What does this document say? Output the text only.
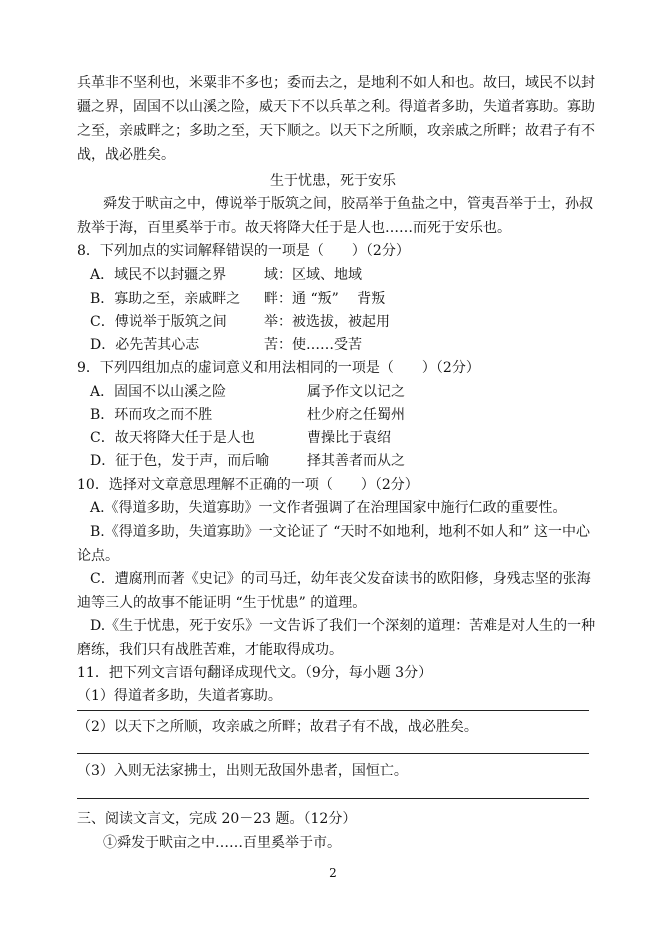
兵革非不坚利也，米粟非不多也；委而去之，是地利不如人和也。故曰，域民不以封
疆之界，固国不以山溪之险，威天下不以兵革之利。得道者多助，失道者寡助。寡助
之至，亲戚畔之；多助之至，天下顺之。以天下之所顺，攻亲戚之所畔；故君子有不
战，战必胜矣。
生于忧患，死于安乐
舜发于畎亩之中，傅说举于版筑之间，胶鬲举于鱼盐之中，管夷吾举于士，孙叔
敖举于海，百里奚举于市。故天将降大任于是人也……而死于安乐也。
8．下列加点的实词解释错误的一项是（　　）（2分）
A．域民不以封疆之界	域：区域、地域
B．寡助之至，亲戚畔之 畔：通 “叛” 　背叛
C．傅说举于版筑之间	举：被选拔，被起用
D．必先苦其心志	苦：使……受苦
9．下列四组加点的虚词意义和用法相同的一项是（　　）（2分）
A．固国不以山溪之险	属予作文以记之
B．环而攻之而不胜	杜少府之任蜀州
C．故天将降大任于是人也	曹操比于袁绍
D．征于色，发于声，而后喻	择其善者而从之
10．选择对文章意思理解不正确的一项（　　）（2分）
A.《得道多助，失道寡助》一文作者强调了在治理国家中施行仁政的重要性。
B.《得道多助，失道寡助》一文论证了 “天时不如地利，地利不如人和” 这一中心
论点。
C．遭腐刑而著《史记》的司马迁，幼年丧父发奋读书的欧阳修，身残志坚的张海
迪等三人的故事不能证明 “生于忧患” 的道理。
D.《生于忧患，死于安乐》一文告诉了我们一个深刻的道理：苦难是对人生的一种
磨练，我们只有战胜苦难，才能取得成功。
11．把下列文言语句翻译成现代文。（9分，每小题 3分）
（1）得道者多助，失道者寡助。
（2）以天下之所顺，攻亲戚之所畔；故君子有不战，战必胜矣。
（3）入则无法家拂士，出则无敌国外患者，国恒亡。
三、阅读文言文，完成 20－23 题。（12分）
①舜发于畎亩之中……百里奚举于市。
2
